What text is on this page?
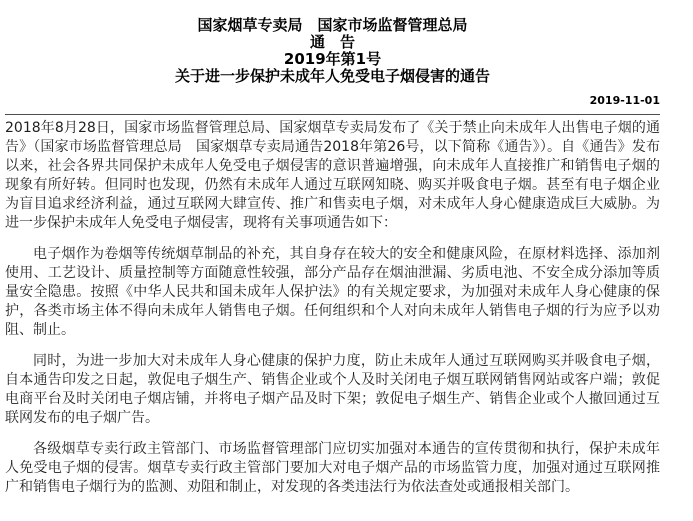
国家烟草专卖局　国家市场监督管理总局
通　告
2019年第1号
关于进一步保护未成年人免受电子烟侵害的通告
2019-11-01

2018年8月28日，国家市场监督管理总局、国家烟草专卖局发布了《关于禁止向未成年人出售电子烟的通告》（国家市场监督管理总局　国家烟草专卖局通告2018年第26号，以下简称《通告》）。自《通告》发布以来，社会各界共同保护未成年人免受电子烟侵害的意识普遍增强，向未成年人直接推广和销售电子烟的现象有所好转。但同时也发现，仍然有未成年人通过互联网知晓、购买并吸食电子烟。甚至有电子烟企业为盲目追求经济利益，通过互联网大肆宣传、推广和售卖电子烟，对未成年人身心健康造成巨大威胁。为进一步保护未成年人免受电子烟侵害，现将有关事项通告如下：

电子烟作为卷烟等传统烟草制品的补充，其自身存在较大的安全和健康风险，在原材料选择、添加剂使用、工艺设计、质量控制等方面随意性较强，部分产品存在烟油泄漏、劣质电池、不安全成分添加等质量安全隐患。按照《中华人民共和国未成年人保护法》的有关规定要求，为加强对未成年人身心健康的保护，各类市场主体不得向未成年人销售电子烟。任何组织和个人对向未成年人销售电子烟的行为应予以劝阻、制止。

同时，为进一步加大对未成年人身心健康的保护力度，防止未成年人通过互联网购买并吸食电子烟，自本通告印发之日起，敦促电子烟生产、销售企业或个人及时关闭电子烟互联网销售网站或客户端；敦促电商平台及时关闭电子烟店铺，并将电子烟产品及时下架；敦促电子烟生产、销售企业或个人撤回通过互联网发布的电子烟广告。

各级烟草专卖行政主管部门、市场监督管理部门应切实加强对本通告的宣传贯彻和执行，保护未成年人免受电子烟的侵害。烟草专卖行政主管部门要加大对电子烟产品的市场监管力度，加强对通过互联网推广和销售电子烟行为的监测、劝阻和制止，对发现的各类违法行为依法查处或通报相关部门。
